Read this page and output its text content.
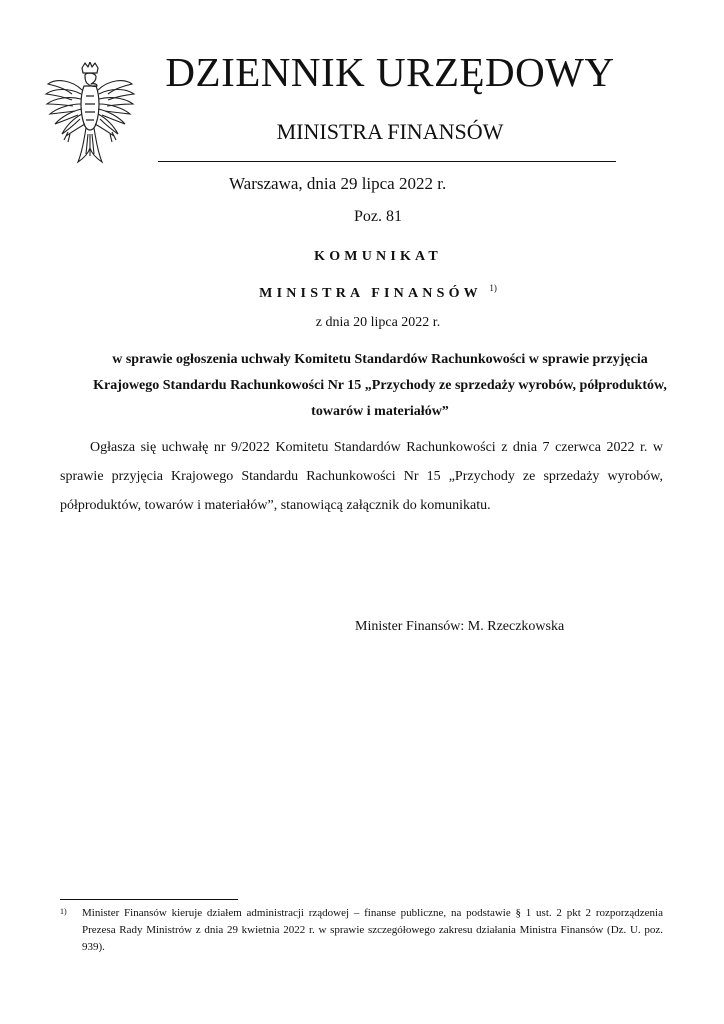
DZIENNIK URZĘDOWY
MINISTRA FINANSÓW
Warszawa, dnia 29 lipca 2022 r.
Poz. 81
KOMUNIKAT
MINISTRA FINANSÓW $^{1)}$
z dnia 20 lipca 2022 r.
w sprawie ogłoszenia uchwały Komitetu Standardów Rachunkowości w sprawie przyjęcia Krajowego Standardu Rachunkowości Nr 15 „Przychody ze sprzedaży wyrobów, półproduktów, towarów i materiałów”
Ogłasza się uchwałę nr 9/2022 Komitetu Standardów Rachunkowości z dnia 7 czerwca 2022 r. w sprawie przyjęcia Krajowego Standardu Rachunkowości Nr 15 „Przychody ze sprzedaży wyrobów, półproduktów, towarów i materiałów”, stanowiącą załącznik do komunikatu.
Minister Finansów: M. Rzeczkowska
1)	Minister Finansów kieruje działem administracji rządowej – finanse publiczne, na podstawie § 1 ust. 2 pkt 2 rozporządzenia Prezesa Rady Ministrów z dnia 29 kwietnia 2022 r. w sprawie szczegółowego zakresu działania Ministra Finansów (Dz. U. poz. 939).
